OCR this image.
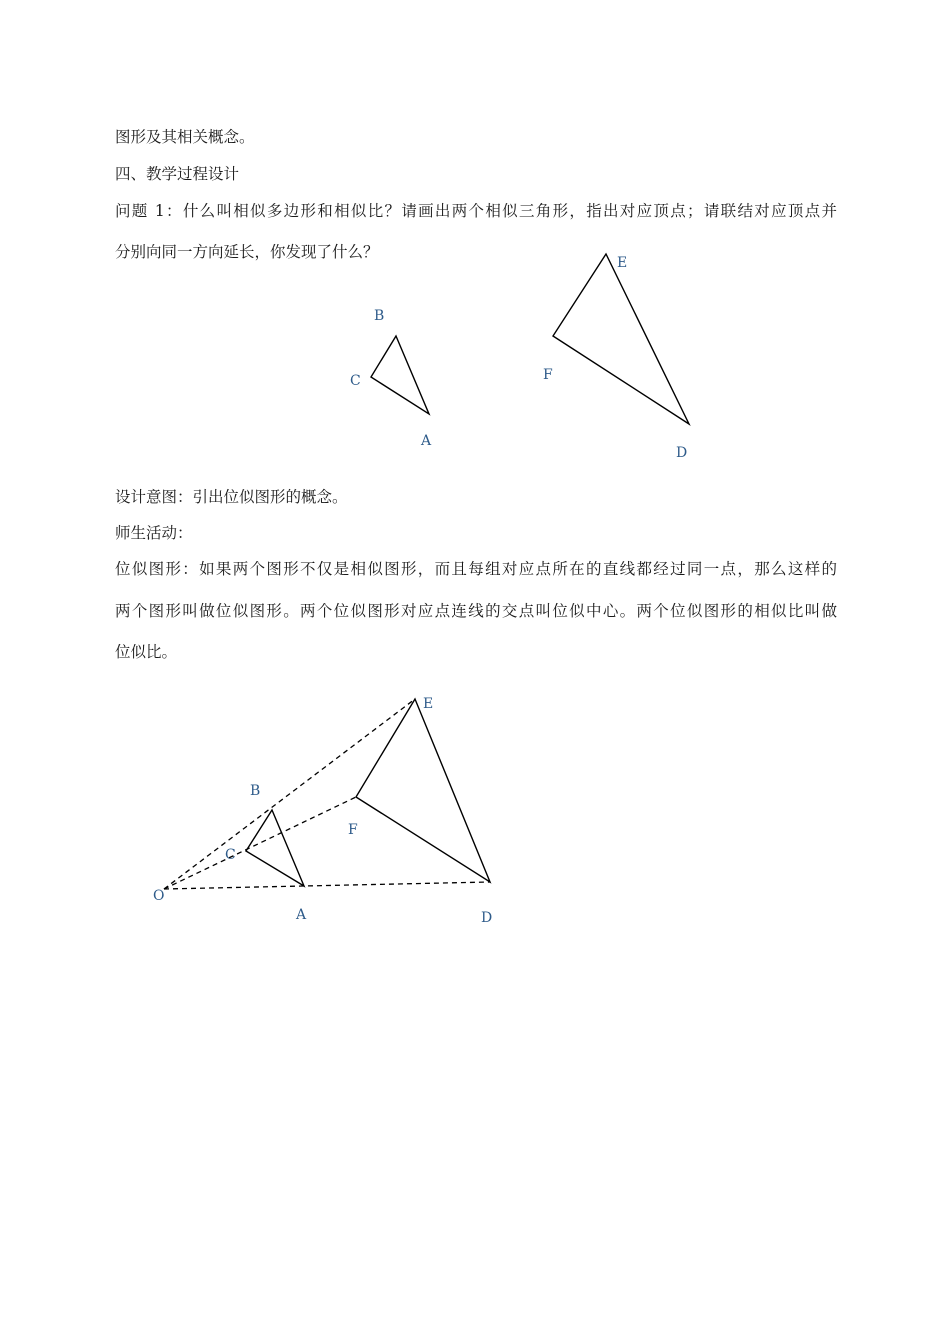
图形及其相关概念。

四、教学过程设计

问题 1：什么叫相似多边形和相似比？请画出两个相似三角形，指出对应顶点；请联结对应顶点并

分别向同一方向延长，你发现了什么？

B
C
A
E
F
D

设计意图：引出位似图形的概念。

师生活动：

位似图形：如果两个图形不仅是相似图形，而且每组对应点所在的直线都经过同一点，那么这样的

两个图形叫做位似图形。两个位似图形对应点连线的交点叫位似中心。两个位似图形的相似比叫做

位似比。

B
C
A
O
E
F
D
